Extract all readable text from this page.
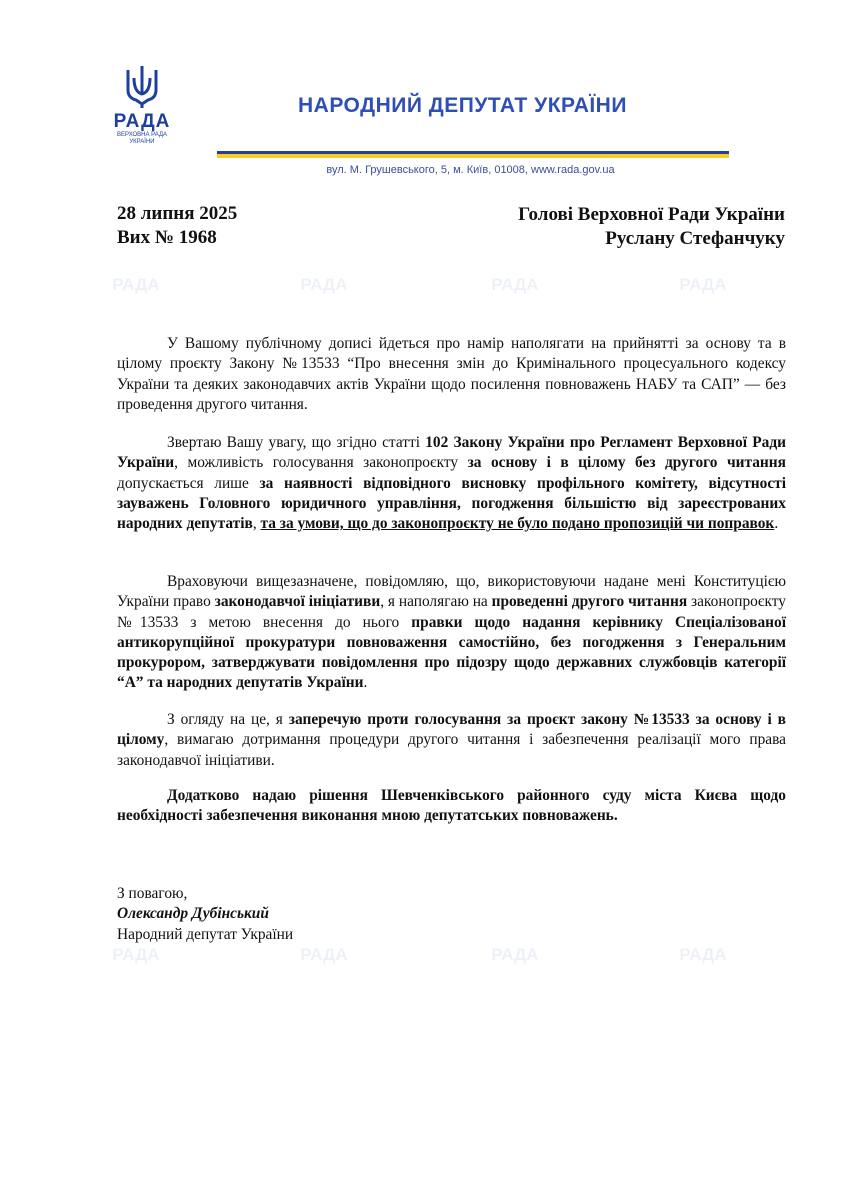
РАДА
ВЕРХОВНА РАДА УКРАЇНИ
НАРОДНИЙ ДЕПУТАТ УКРАЇНИ
вул. М. Грушевського, 5, м. Київ, 01008, www.rada.gov.ua
РАДА	РАДА	РАДА	РАДА
РАДА	РАДА	РАДА	РАДА
28 липня 2025
Вих № 1968
Голові Верховної Ради України
Руслану Стефанчуку

У Вашому публічному дописі йдеться про намір наполягати на прийнятті за основу та в цілому проєкту Закону №13533 “Про внесення змін до Кримінального процесуального кодексу України та деяких законодавчих актів України щодо посилення повноважень НАБУ та САП” — без проведення другого читання.

Звертаю Вашу увагу, що згідно статті 102 Закону України про Регламент Верховної Ради України, можливість голосування законопроєкту за основу і в цілому без другого читання допускається лише за наявності відповідного висновку профільного комітету, відсутності зауважень Головного юридичного управління, погодження більшістю від зареєстрованих народних депутатів, та за умови, що до законопроєкту не було подано пропозицій чи поправок.

Враховуючи вищезазначене, повідомляю, що, використовуючи надане мені Конституцією України право законодавчої ініціативи, я наполягаю на проведенні другого читання законопроєкту №13533 з метою внесення до нього правки щодо надання керівнику Спеціалізованої антикорупційної прокуратури повноваження самостійно, без погодження з Генеральним прокурором, затверджувати повідомлення про підозру щодо державних службовців категорії “А” та народних депутатів України.

З огляду на це, я заперечую проти голосування за проєкт закону №13533 за основу і в цілому, вимагаю дотримання процедури другого читання і забезпечення реалізації мого права законодавчої ініціативи.

Додатково надаю рішення Шевченківського районного суду міста Києва щодо необхідності забезпечення виконання мною депутатських повноважень.

З повагою,
Олександр Дубінський
Народний депутат України
